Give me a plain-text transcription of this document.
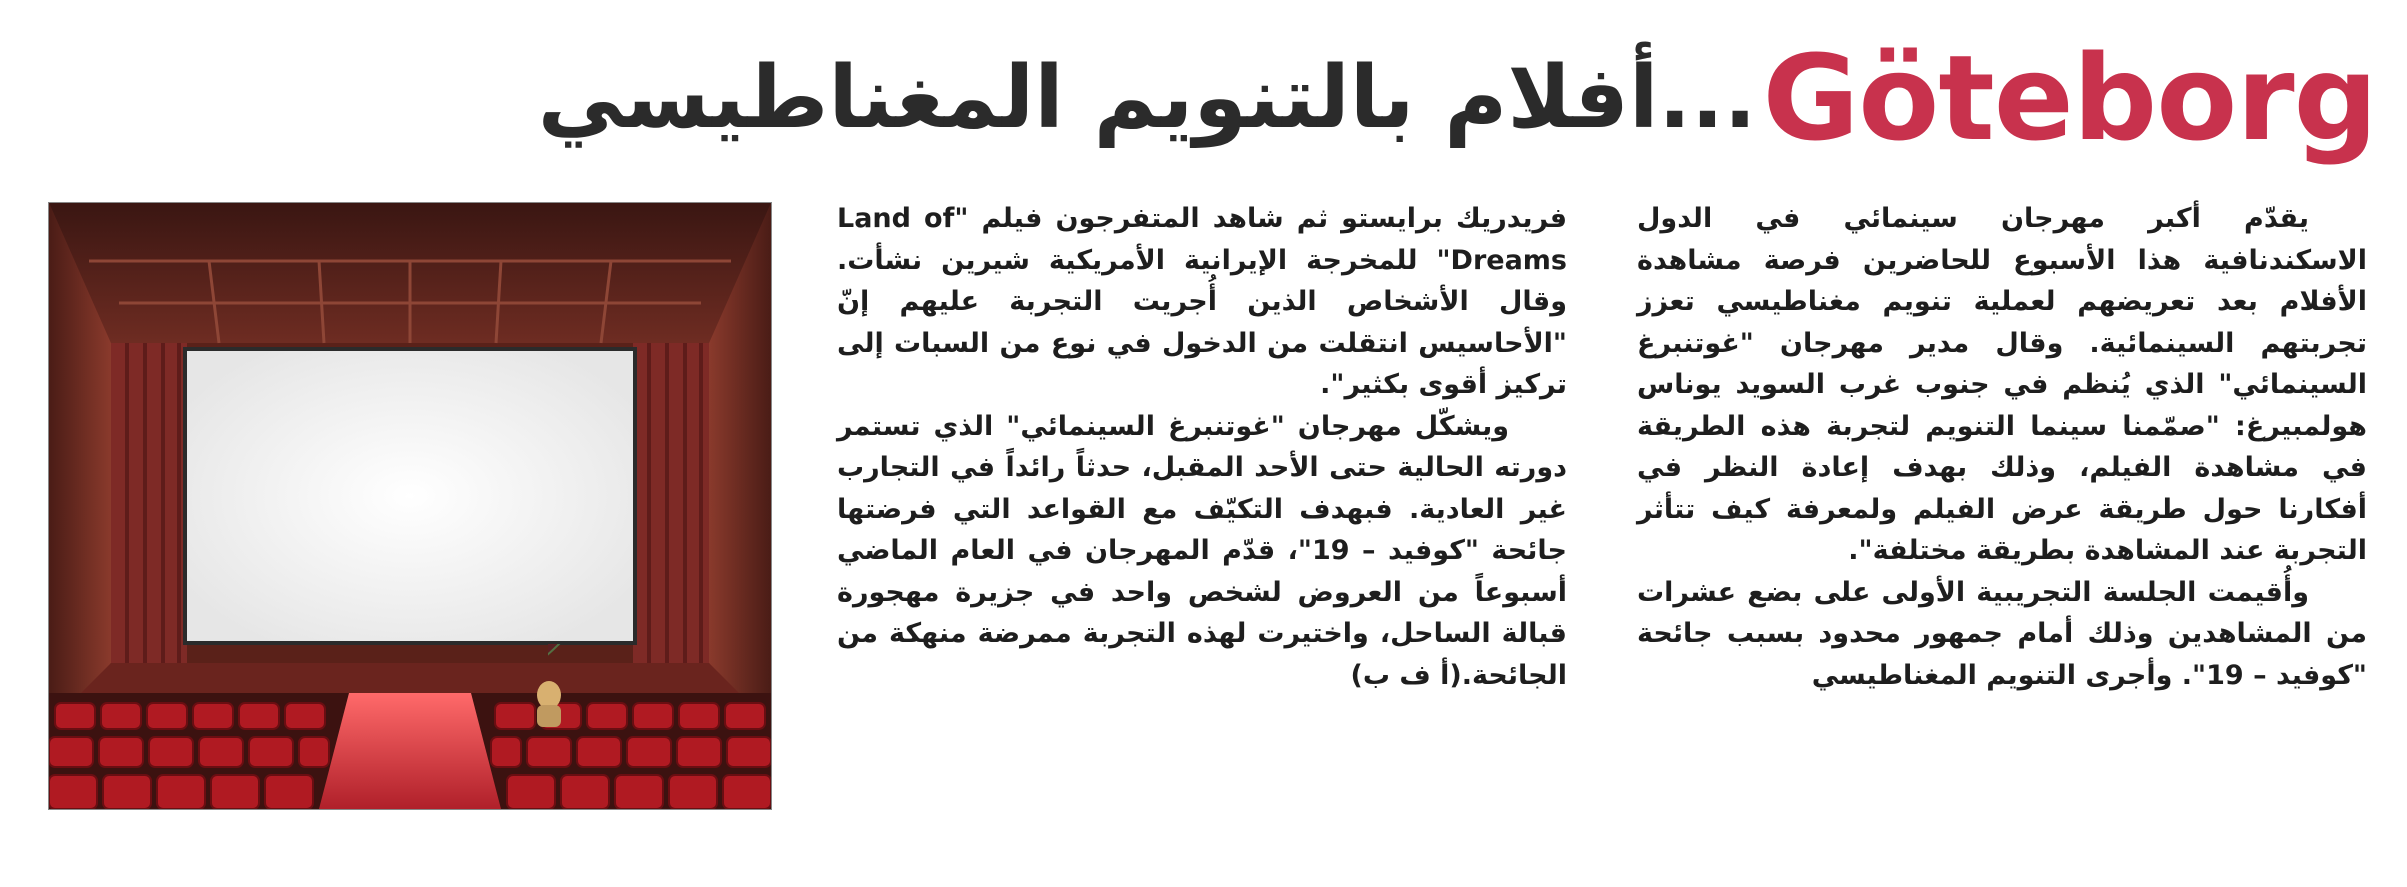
Göteborg
...أفلام بالتنويم المغناطيسي

يقدّم أكبر مهرجان سينمائي في الدول الاسكندنافية هذا الأسبوع للحاضرين فرصة مشاهدة الأفلام بعد تعريضهم لعملية تنويم مغناطيسي تعزز تجربتهم السينمائية. وقال مدير مهرجان "غوتنبرغ السينمائي" الذي يُنظم في جنوب غرب السويد يوناس هولمبيرغ: "صمّمنا سينما التنويم لتجربة هذه الطريقة في مشاهدة الفيلم، وذلك بهدف إعادة النظر في أفكارنا حول طريقة عرض الفيلم ولمعرفة كيف تتأثر التجربة عند المشاهدة بطريقة مختلفة".

وأُقيمت الجلسة التجريبية الأولى على بضع عشرات من المشاهدين وذلك أمام جمهور محدود بسبب جائحة "كوفيد – 19". وأجرى التنويم المغناطيسي

فريدريك برايستو ثم شاهد المتفرجون فيلم "Land of Dreams" للمخرجة الإيرانية الأمريكية شيرين نشأت. وقال الأشخاص الذين أُجريت التجربة عليهم إنّ "الأحاسيس انتقلت من الدخول في نوع من السبات إلى تركيز أقوى بكثير".

ويشكّل مهرجان "غوتنبرغ السينمائي" الذي تستمر دورته الحالية حتى الأحد المقبل، حدثاً رائداً في التجارب غير العادية. فبهدف التكيّف مع القواعد التي فرضتها جائحة "كوفيد – 19"، قدّم المهرجان في العام الماضي أسبوعاً من العروض لشخص واحد في جزيرة مهجورة قبالة الساحل، واختيرت لهذه التجربة ممرضة منهكة من الجائحة.(أ ف ب)
